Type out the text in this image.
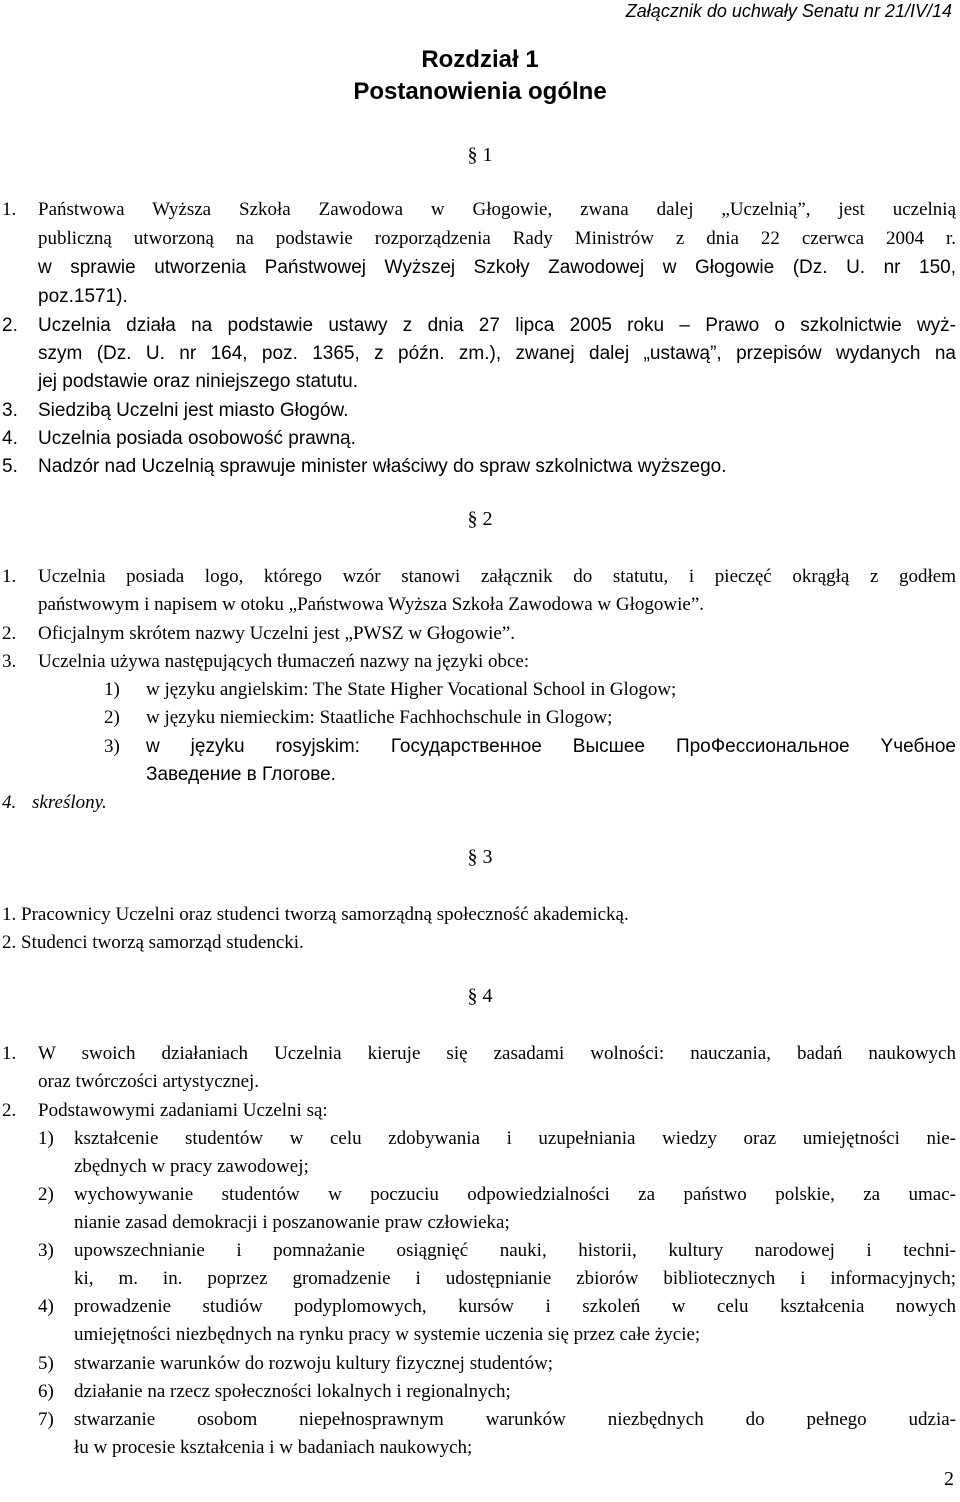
Załącznik do uchwały Senatu nr 21/IV/14
Rozdział 1
Postanowienia ogólne
§ 1
1. Państwowa Wyższa Szkoła Zawodowa w Głogowie, zwana dalej „Uczelnią”, jest uczelnią
publiczną utworzoną na podstawie rozporządzenia Rady Ministrów z dnia 22 czerwca 2004 r.
w sprawie utworzenia Państwowej Wyższej Szkoły Zawodowej w Głogowie (Dz. U. nr 150,
poz.1571).
2. Uczelnia działa na podstawie ustawy z dnia 27 lipca 2005 roku – Prawo o szkolnictwie wyż-
szym (Dz. U. nr 164, poz. 1365, z późn. zm.), zwanej dalej „ustawą”, przepisów wydanych na
jej podstawie oraz niniejszego statutu.
3. Siedzibą Uczelni jest miasto Głogów.
4. Uczelnia posiada osobowość prawną.
5. Nadzór nad Uczelnią sprawuje minister właściwy do spraw szkolnictwa wyższego.
§ 2
1. Uczelnia posiada logo, którego wzór stanowi załącznik do statutu, i pieczęć okrągłą z godłem
państwowym i napisem w otoku „Państwowa Wyższa Szkoła Zawodowa w Głogowie”.
2. Oficjalnym skrótem nazwy Uczelni jest „PWSZ w Głogowie”.
3. Uczelnia używa następujących tłumaczeń nazwy na języki obce:
1) w języku angielskim: The State Higher Vocational School in Glogow;
2) w języku niemieckim: Staatliche Fachhochschule in Glogow;
3) w języku rosyjskim: Государственное Высшее ПроФессиональное Yчебное
Заведение в Глогове.
4. skreślony.
§ 3
1. Pracownicy Uczelni oraz studenci tworzą samorządną społeczność akademicką.
2. Studenci tworzą samorząd studencki.
§ 4
1. W swoich działaniach Uczelnia kieruje się zasadami wolności: nauczania, badań naukowych
oraz twórczości artystycznej.
2. Podstawowymi zadaniami Uczelni są:
1) kształcenie studentów w celu zdobywania i uzupełniania wiedzy oraz umiejętności nie-
zbędnych w pracy zawodowej;
2) wychowywanie studentów w poczuciu odpowiedzialności za państwo polskie, za umac-
nianie zasad demokracji i poszanowanie praw człowieka;
3) upowszechnianie i pomnażanie osiągnięć nauki, historii, kultury narodowej i techni-
ki, m. in. poprzez gromadzenie i udostępnianie zbiorów bibliotecznych i informacyjnych;
4) prowadzenie studiów podyplomowych, kursów i szkoleń w celu kształcenia nowych
umiejętności niezbędnych na rynku pracy w systemie uczenia się przez całe życie;
5) stwarzanie warunków do rozwoju kultury fizycznej studentów;
6) działanie na rzecz społeczności lokalnych i regionalnych;
7) stwarzanie osobom niepełnosprawnym warunków niezbędnych do pełnego udzia-
łu w procesie kształcenia i w badaniach naukowych;
2
